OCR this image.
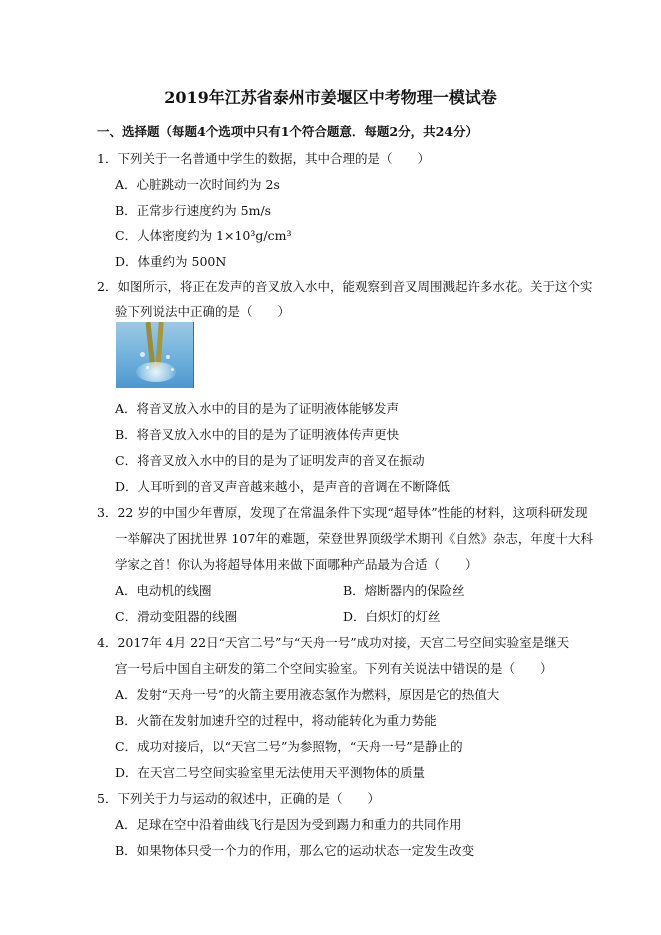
2019年江苏省泰州市姜堰区中考物理一模试卷
一、选择题（每题4个选项中只有1个符合题意．每题2分，共24分）
1．下列关于一名普通中学生的数据，其中合理的是（　　）
A．心脏跳动一次时间约为 2s
B．正常步行速度约为 5m/s
C．人体密度约为 1×10³g/cm³
D．体重约为 500N
2．如图所示，将正在发声的音叉放入水中，能观察到音叉周围溅起许多水花。关于这个实
验下列说法中正确的是（　　）
A．将音叉放入水中的目的是为了证明液体能够发声
B．将音叉放入水中的目的是为了证明液体传声更快
C．将音叉放入水中的目的是为了证明发声的音叉在振动
D．人耳听到的音叉声音越来越小，是声音的音调在不断降低
3．22 岁的中国少年曹原，发现了在常温条件下实现“超导体”性能的材料，这项科研发现
一举解决了困扰世界 107年的难题，荣登世界顶级学术期刊《自然》杂志，年度十大科
学家之首！你认为将超导体用来做下面哪种产品最为合适（　　）
A．电动机的线圈	B．熔断器内的保险丝
C．滑动变阻器的线圈	D．白炽灯的灯丝
4．2017年 4月 22日“天宫二号”与“天舟一号”成功对接，天宫二号空间实验室是继天
宫一号后中国自主研发的第二个空间实验室。下列有关说法中错误的是（　　）
A．发射“天舟一号”的火箭主要用液态氢作为燃料，原因是它的热值大
B．火箭在发射加速升空的过程中，将动能转化为重力势能
C．成功对接后，以“天宫二号”为参照物，“天舟一号”是静止的
D．在天宫二号空间实验室里无法使用天平测物体的质量
5．下列关于力与运动的叙述中，正确的是（　　）
A．足球在空中沿着曲线飞行是因为受到踢力和重力的共同作用
B．如果物体只受一个力的作用，那么它的运动状态一定发生改变
